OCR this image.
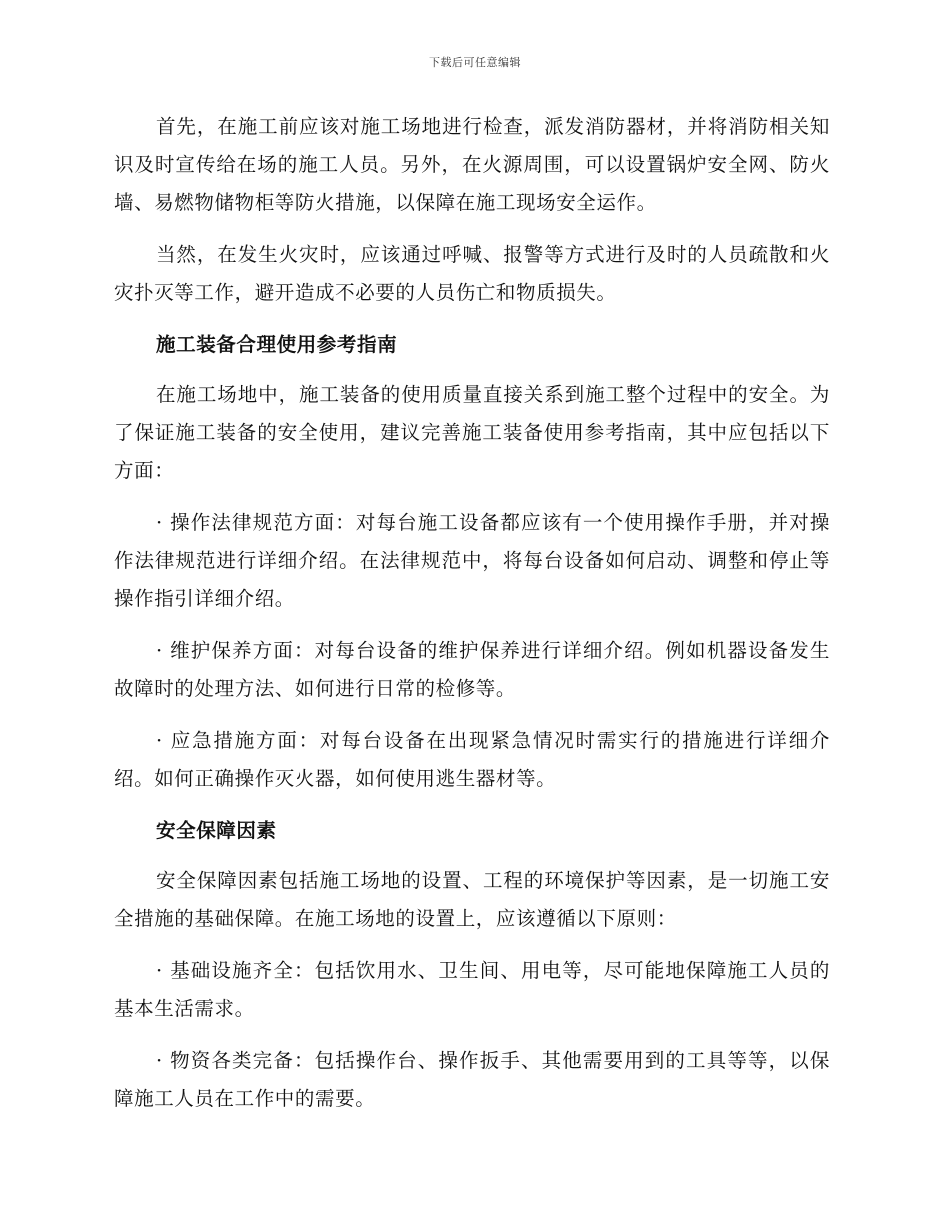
下载后可任意编辑

首先，在施工前应该对施工场地进行检查，派发消防器材，并将消防相关知识及时宣传给在场的施工人员。另外，在火源周围，可以设置锅炉安全网、防火墙、易燃物储物柜等防火措施，以保障在施工现场安全运作。

当然，在发生火灾时，应该通过呼喊、报警等方式进行及时的人员疏散和火灾扑灭等工作，避开造成不必要的人员伤亡和物质损失。

施工装备合理使用参考指南

在施工场地中，施工装备的使用质量直接关系到施工整个过程中的安全。为了保证施工装备的安全使用，建议完善施工装备使用参考指南，其中应包括以下方面：

· 操作法律规范方面：对每台施工设备都应该有一个使用操作手册，并对操作法律规范进行详细介绍。在法律规范中，将每台设备如何启动、调整和停止等操作指引详细介绍。

· 维护保养方面：对每台设备的维护保养进行详细介绍。例如机器设备发生故障时的处理方法、如何进行日常的检修等。

· 应急措施方面：对每台设备在出现紧急情况时需实行的措施进行详细介绍。如何正确操作灭火器，如何使用逃生器材等。

安全保障因素

安全保障因素包括施工场地的设置、工程的环境保护等因素，是一切施工安全措施的基础保障。在施工场地的设置上，应该遵循以下原则：

· 基础设施齐全：包括饮用水、卫生间、用电等，尽可能地保障施工人员的基本生活需求。

· 物资各类完备：包括操作台、操作扳手、其他需要用到的工具等等，以保障施工人员在工作中的需要。
